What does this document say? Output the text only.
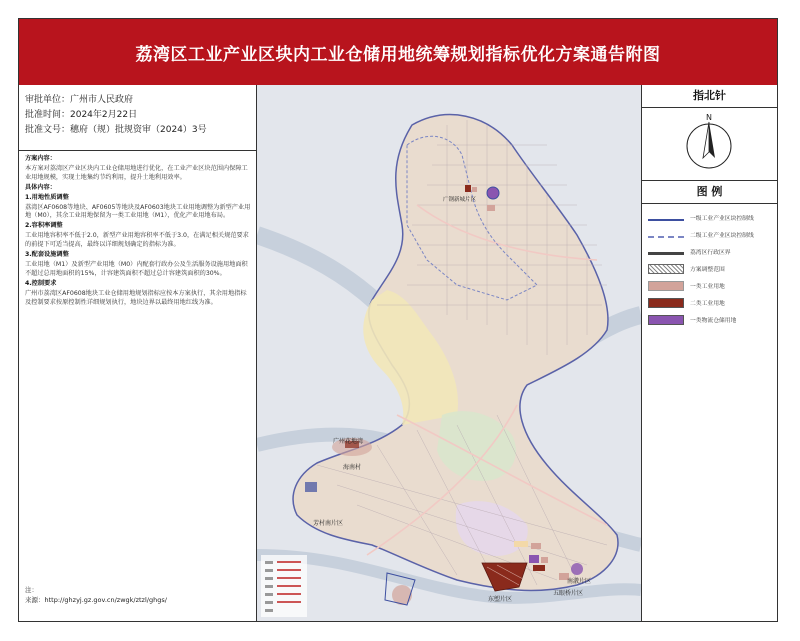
荔湾区工业产业区块内工业仓储用地统筹规划指标优化方案通告附图
审批单位：广州市人民政府
批准时间：2024年2月22日
批准文号：穗府（规）批规资审（2024）3号

方案内容：

本方案对荔湾区产业区块内工业仓储用地进行优化，在工业产业区块范围内保障工业用地规模，实现土地集约节约利用，提升土地利用效率。

具体内容：

1.用地性质调整

荔湾区AF0608等地块、AF0605等地块及AF0603地块工业用地调整为新型产业用地（M0），其余工业用地保留为一类工业用地（M1），优化产业用地布局。

2.容积率调整

工业用地容积率不低于2.0，新型产业用地容积率不低于3.0，在满足相关规范要求的前提下可适当提高，最终以详细规划确定的指标为准。

3.配套设施调整

工业用地（M1）及新型产业用地（M0）内配套行政办公及生活服务设施用地面积不超过总用地面积的15%，计容建筑面积不超过总计容建筑面积的30%。

4.控制要求

广州市荔湾区AF0608地块工业仓储用地规划指标应按本方案执行，其余用地指标及控制要求按原控制性详细规划执行，地块边界以最终用地红线为准。

注：
来源：http://ghzyj.gz.gov.cn/zwgk/ztzl/ghgs/
广钢新城片区
广州花地湾
海南村
东塱片区
五眼桥片区
南漖片区
芳村南片区
指北针
N
图 例
一级工业产业区块控制线
二级工业产业区块控制线
荔湾区行政区界
方案调整范围
一类工业用地
二类工业用地
一类物流仓储用地
